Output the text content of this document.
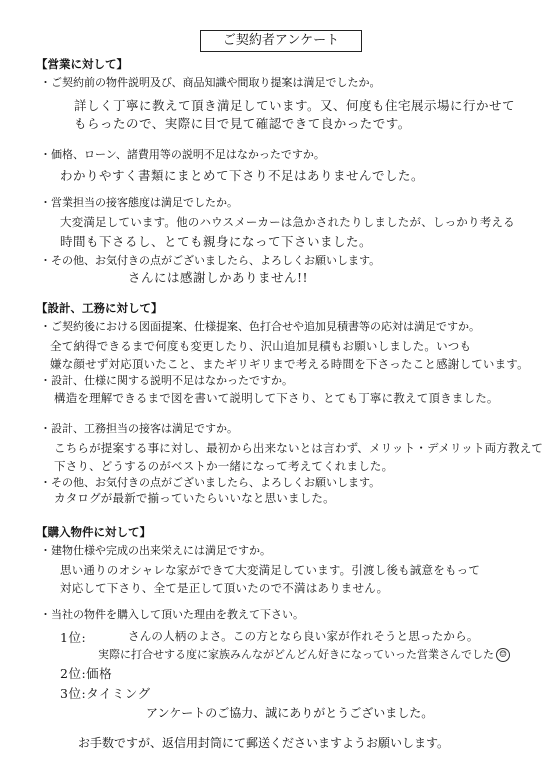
ご契約者アンケート
【営業に対して】
・ご契約前の物件説明及び、商品知識や間取り提案は満足でしたか。
詳しく丁寧に教えて頂き満足しています。又、何度も住宅展示場に行かせて
もらったので、実際に目で見て確認できて良かったです。
・価格、ローン、諸費用等の説明不足はなかったですか。
わかりやすく書類にまとめて下さり不足はありませんでした。
・営業担当の接客態度は満足でしたか。
大変満足しています。他のハウスメーカーは急かされたりしましたが、しっかり考える
時間も下さるし、とても親身になって下さいました。
・その他、お気付きの点がございましたら、よろしくお願いします。
さんには感謝しかありません!!
【設計、工務に対して】
・ご契約後における図面提案、仕様提案、色打合せや追加見積書等の応対は満足ですか。
全て納得できるまで何度も変更したり、沢山追加見積もお願いしました。いつも
嫌な顔せず対応頂いたこと、またギリギリまで考える時間を下さったこと感謝しています。
・設計、仕様に関する説明不足はなかったですか。
構造を理解できるまで図を書いて説明して下さり、とても丁寧に教えて頂きました。
・設計、工務担当の接客は満足ですか。
こちらが提案する事に対し、最初から出来ないとは言わず、メリット・デメリット両方教えて
下さり、どうするのがベストか一緒になって考えてくれました。
・その他、お気付きの点がございましたら、よろしくお願いします。
カタログが最新で揃っていたらいいなと思いました。
【購入物件に対して】
・建物仕様や完成の出来栄えには満足ですか。
思い通りのオシャレな家ができて大変満足しています。引渡し後も誠意をもって
対応して下さり、全て是正して頂いたので不満はありません。
・当社の物件を購入して頂いた理由を教えて下さい。
1位:	さんの人柄のよさ。この方となら良い家が作れそうと思ったから。
実際に打合せする度に家族みんながどんどん好きになっていった営業さんでした ☺
2位:価格
3位:タイミング
アンケートのご協力、誠にありがとうございました。
お手数ですが、返信用封筒にて郵送くださいますようお願いします。
